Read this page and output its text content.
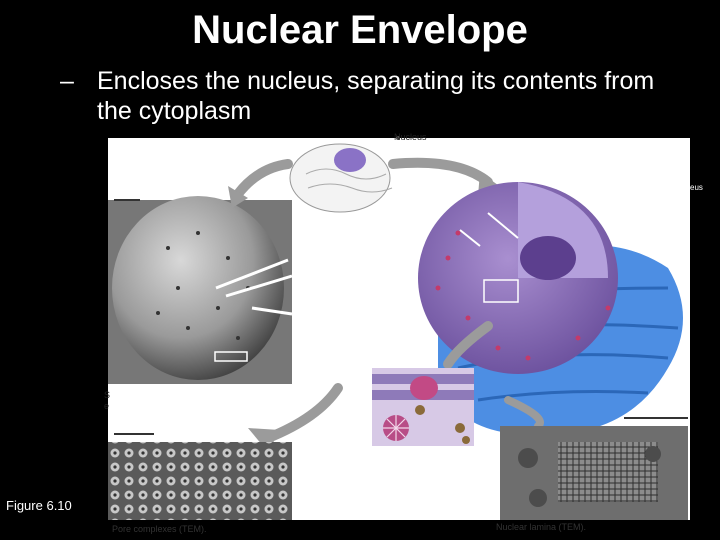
Nuclear Envelope
– Encloses the nucleus, separating its contents from the cytoplasm
Nucleus
S
e
Pore complexes (TEM).	Nuclear lamina (TEM).
eus
Figure 6.10
